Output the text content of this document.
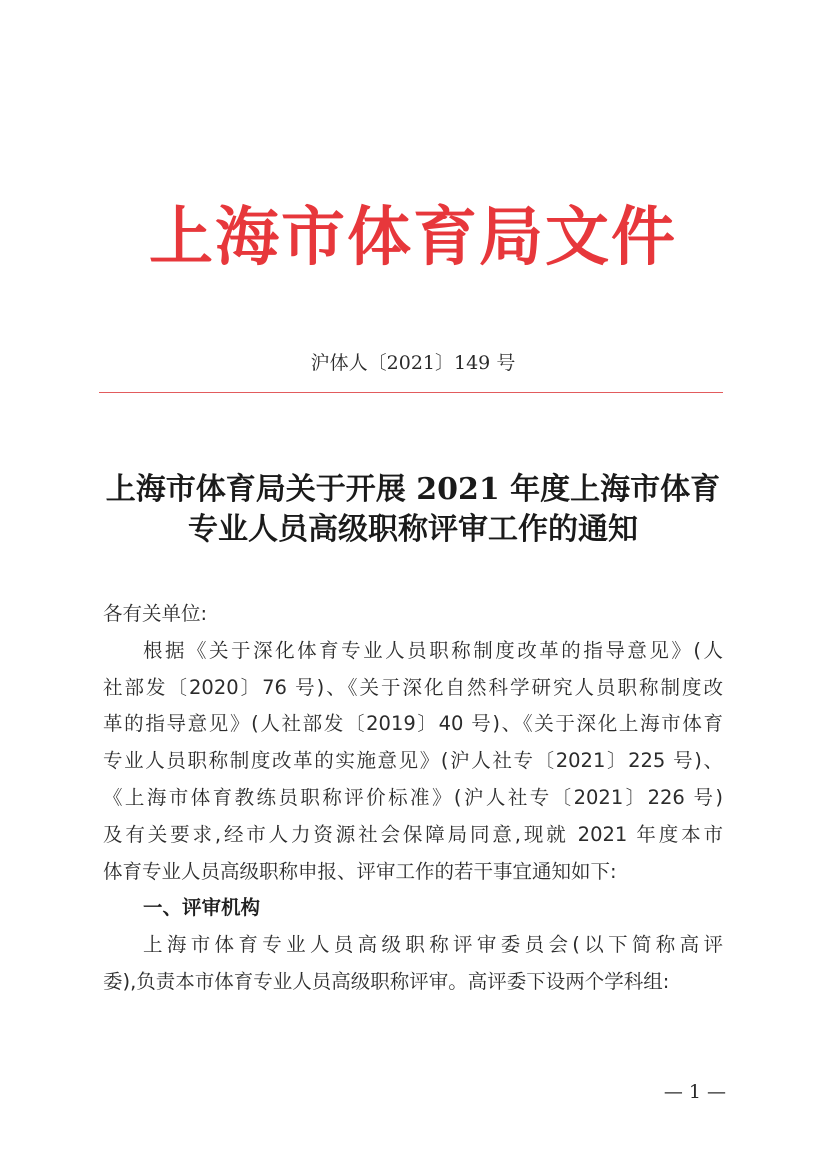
上海市体育局文件
沪体人〔2021〕149 号
上海市体育局关于开展 2021 年度上海市体育
专业人员高级职称评审工作的通知
各有关单位:
根据《关于深化体育专业人员职称制度改革的指导意见》(人
社部发〔2020〕76 号)、《关于深化自然科学研究人员职称制度改
革的指导意见》(人社部发〔2019〕40 号)、《关于深化上海市体育
专业人员职称制度改革的实施意见》(沪人社专〔2021〕225 号)、
《上海市体育教练员职称评价标准》(沪人社专〔2021〕226 号)
及有关要求,经市人力资源社会保障局同意,现就 2021 年度本市
体育专业人员高级职称申报、评审工作的若干事宜通知如下:
一、评审机构
上海市体育专业人员高级职称评审委员会(以下简称高评
委),负责本市体育专业人员高级职称评审。高评委下设两个学科组:
— 1 —
